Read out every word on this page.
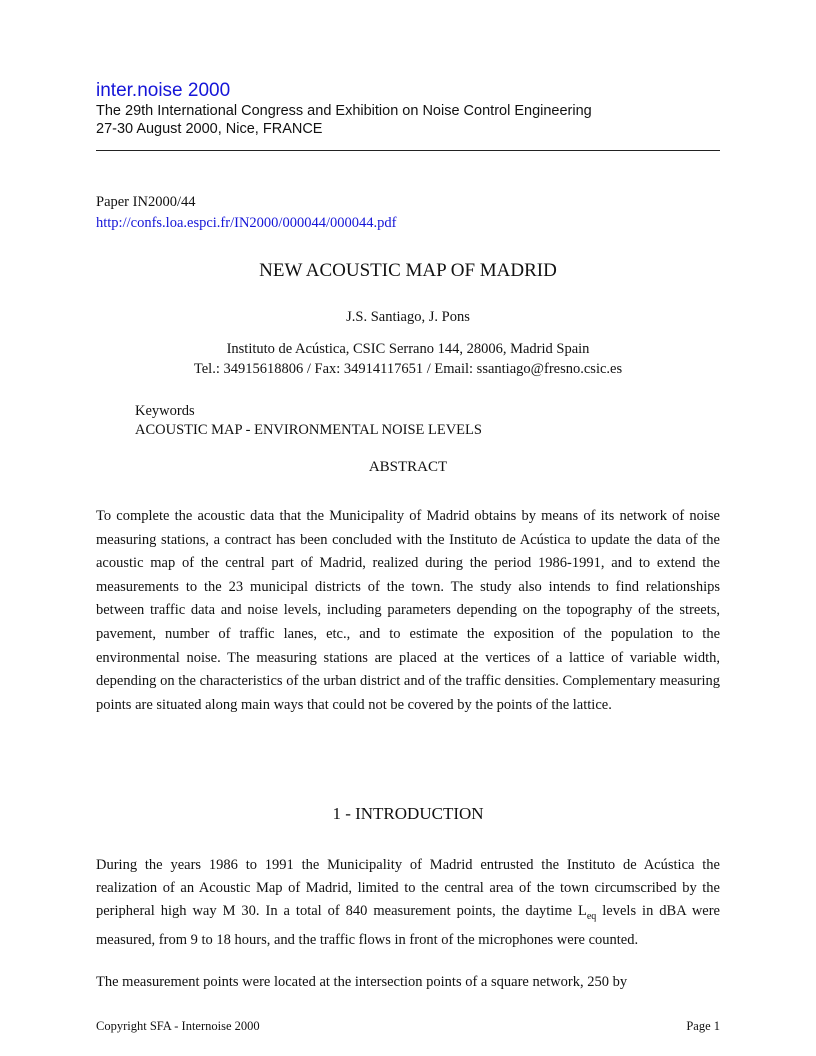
inter.noise 2000
The 29th International Congress and Exhibition on Noise Control Engineering
27-30 August 2000, Nice, FRANCE
Paper IN2000/44
http://confs.loa.espci.fr/IN2000/000044/000044.pdf
NEW ACOUSTIC MAP OF MADRID
J.S. Santiago, J. Pons
Instituto de Acústica, CSIC Serrano 144, 28006, Madrid Spain
Tel.: 34915618806 / Fax: 34914117651 / Email: ssantiago@fresno.csic.es
Keywords
ACOUSTIC MAP - ENVIRONMENTAL NOISE LEVELS
ABSTRACT

To complete the acoustic data that the Municipality of Madrid obtains by means of its network of noise measuring stations, a contract has been concluded with the Instituto de Acústica to update the data of the acoustic map of the central part of Madrid, realized during the period 1986-1991, and to extend the measurements to the 23 municipal districts of the town. The study also intends to find relationships between traffic data and noise levels, including parameters depending on the topography of the streets, pavement, number of traffic lanes, etc., and to estimate the exposition of the population to the environmental noise. The measuring stations are placed at the vertices of a lattice of variable width, depending on the characteristics of the urban district and of the traffic densities. Complementary measuring points are situated along main ways that could not be covered by the points of the lattice.

1 - INTRODUCTION

During the years 1986 to 1991 the Municipality of Madrid entrusted the Instituto de Acústica the realization of an Acoustic Map of Madrid, limited to the central area of the town circumscribed by the peripheral high way M 30. In a total of 840 measurement points, the daytime $L_{eq}$ levels in dBA were measured, from 9 to 18 hours, and the traffic flows in front of the microphones were counted.

The measurement points were located at the intersection points of a square network, 250 by

Copyright SFA - Internoise 2000	Page 1
